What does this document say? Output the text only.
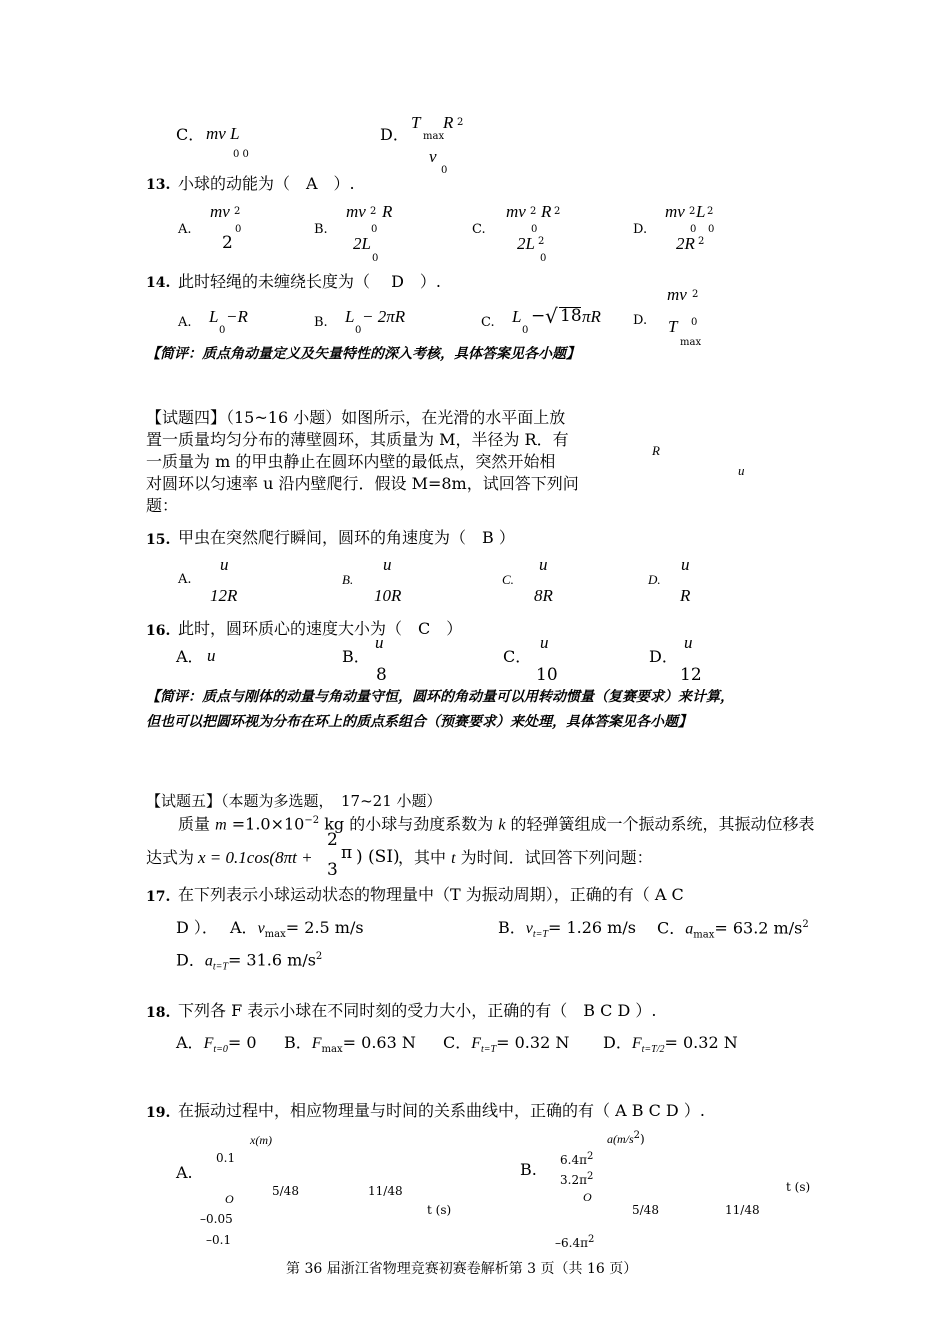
C． mv L
0 0
D．
T
max
R 2
v
0
13. 小球的动能为（　A　）.
A.
mv 2
0
2
B.
mv 2
0
R
2L
0
C.
mv 2
0
R 2
2L 2
0
D.
mv 2
0
L 2
0
2R 2
14. 此时轻绳的未缠绕长度为（　 D　）.
A. L
0
−R	B. L
0
− 2πR	C. L
0
− √ 18 πR D.
mv 2
0
T
max
【简评：质点角动量定义及矢量特性的深入考核，具体答案见各小题】
【试题四】（15~16 小题）如图所示，在光滑的水平面上放
置一质量均匀分布的薄壁圆环，其质量为 M，半径为 R．有
一质量为 m 的甲虫静止在圆环内壁的最低点，突然开始相
对圆环以匀速率 u 沿内壁爬行．假设 M=8m，试回答下列问
题：
R
u
15. 甲虫在突然爬行瞬间，圆环的角速度为（　B ）
A.
u
12R
B.
u
10R
C.
u
8R
D.
u
R
16. 此时，圆环质心的速度大小为（　C　）
A． u	B．
u
8
C．
u
10
D．
u
12
【简评：质点与刚体的动量与角动量守恒，圆环的角动量可以用转动惯量（复赛要求）来计算，
但也可以把圆环视为分布在环上的质点系组合（预赛要求）来处理，具体答案见各小题】
【试题五】（本题为多选题，　17~21 小题）
质量 $m =1.0\times 10^{-2}$ kg 的小球与劲度系数为 k 的轻弹簧组成一个振动系统，其振动位移表
达式为 x = 0.1cos(8πt +
2
3
π ) (SI)
，其中 t 为时间．试回答下列问题：
17. 在下列表示小球运动状态的物理量中（T 为振动周期），正确的有（ A C
D ）． A．$v_{max}= 2.5$ m/s	B．$v_{t=T}= 1.26$ m/s C．$a_{max}= 63.2$ $m/s^2$
D．$a_{t=T}= 31.6$ $m/s^2$
18. 下列各 F 表示小球在不同时刻的受力大小，正确的有（　B C D ）.
A．$F_{t=0}= 0$ B．$F_{max}= 0.63$ N C．$F_{t=T}= 0.32$ N D．$F_{t=T/2}= 0.32$ N
19. 在振动过程中，相应物理量与时间的关系曲线中，正确的有（ A B C D ）.
A.
x(m)
0.1
O
5/48	11/48
t (s)
–0.05
–0.1
B.
$a(m/s^2)$
$6.4\pi^2$
$3.2\pi^2$
O
t (s)
5/48	11/48
$-6.4\pi^2$
第 36 届浙江省物理竞赛初赛卷解析第 3 页（共 16 页）
